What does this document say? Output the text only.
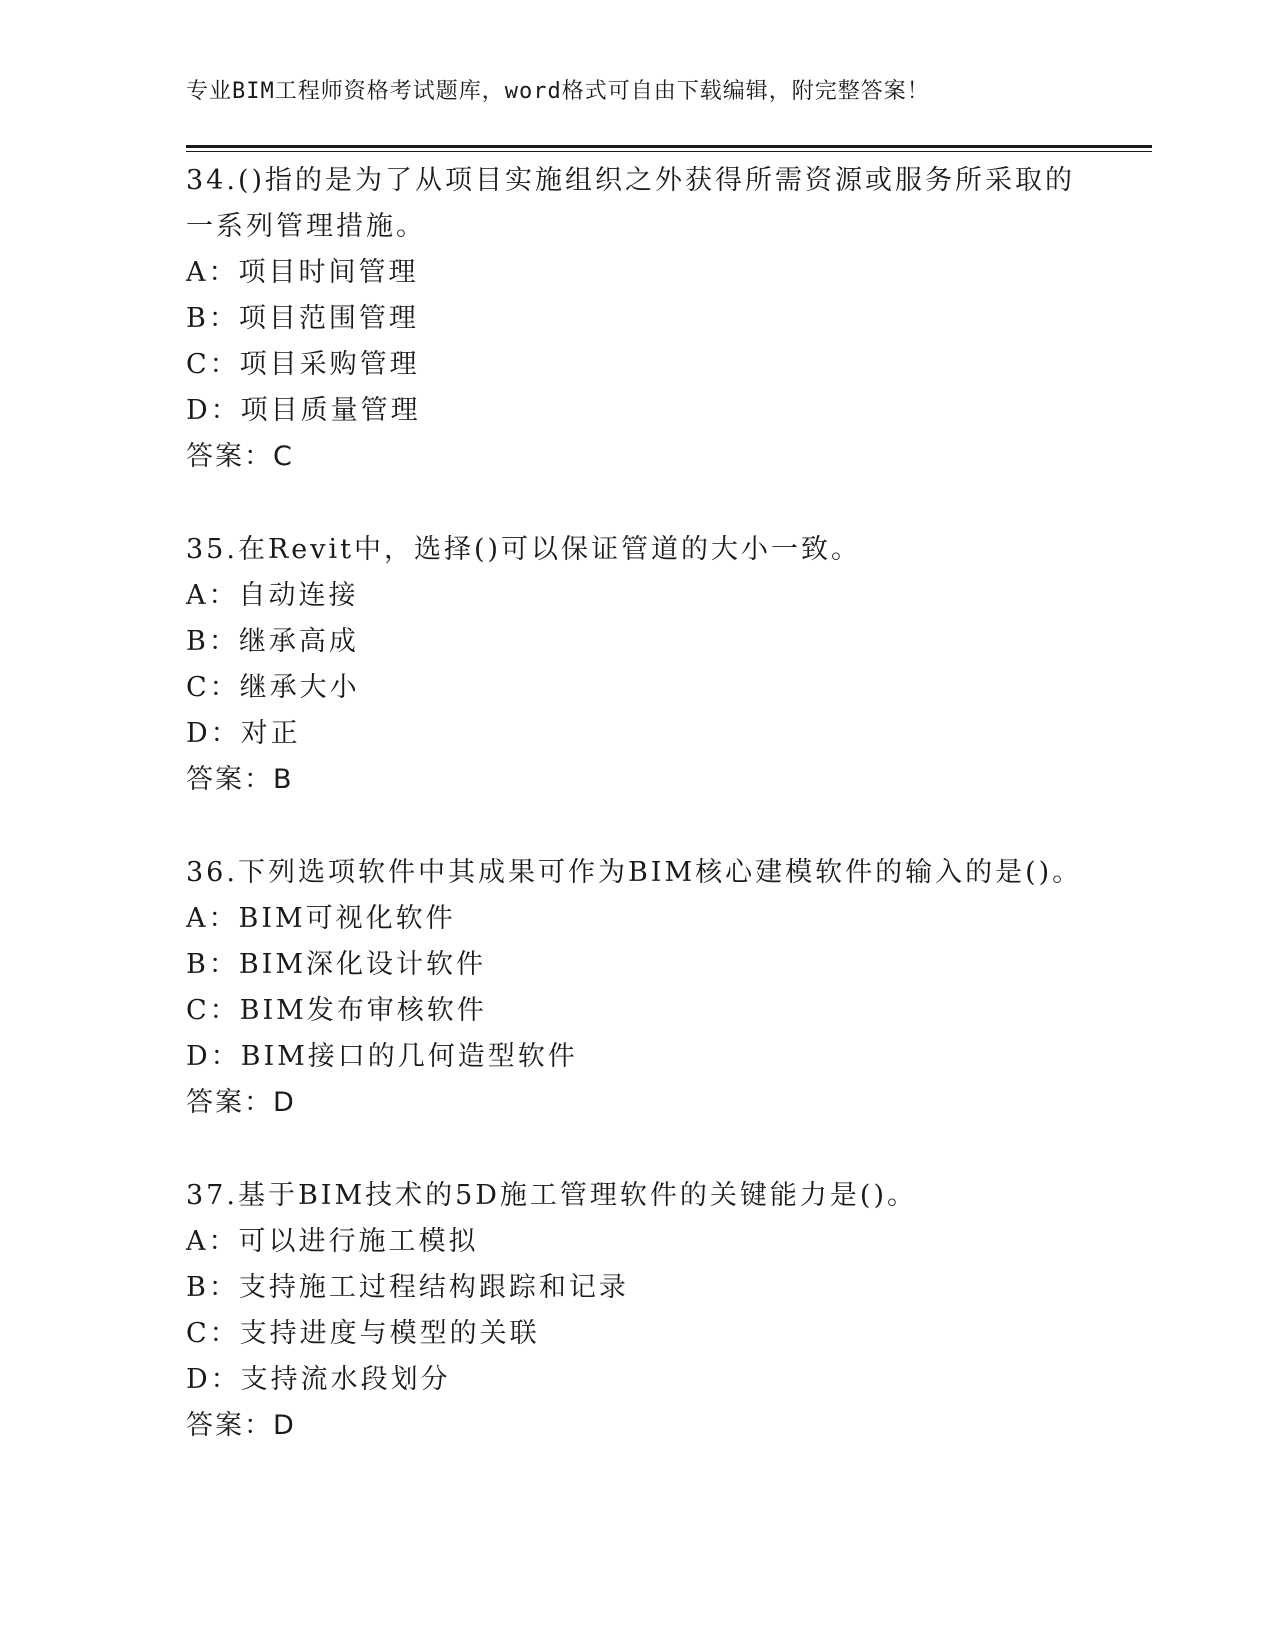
专业BIM工程师资格考试题库，word格式可自由下载编辑，附完整答案！
34.()指的是为了从项目实施组织之外获得所需资源或服务所采取的一系列管理措施。
A：项目时间管理
B：项目范围管理
C：项目采购管理
D：项目质量管理
答案：C
35.在Revit中，选择()可以保证管道的大小一致。
A：自动连接
B：继承高成
C：继承大小
D：对正
答案：B
36.下列选项软件中其成果可作为BIM核心建模软件的输入的是()。
A：BIM可视化软件
B：BIM深化设计软件
C：BIM发布审核软件
D：BIM接口的几何造型软件
答案：D
37.基于BIM技术的5D施工管理软件的关键能力是()。
A：可以进行施工模拟
B：支持施工过程结构跟踪和记录
C：支持进度与模型的关联
D：支持流水段划分
答案：D
